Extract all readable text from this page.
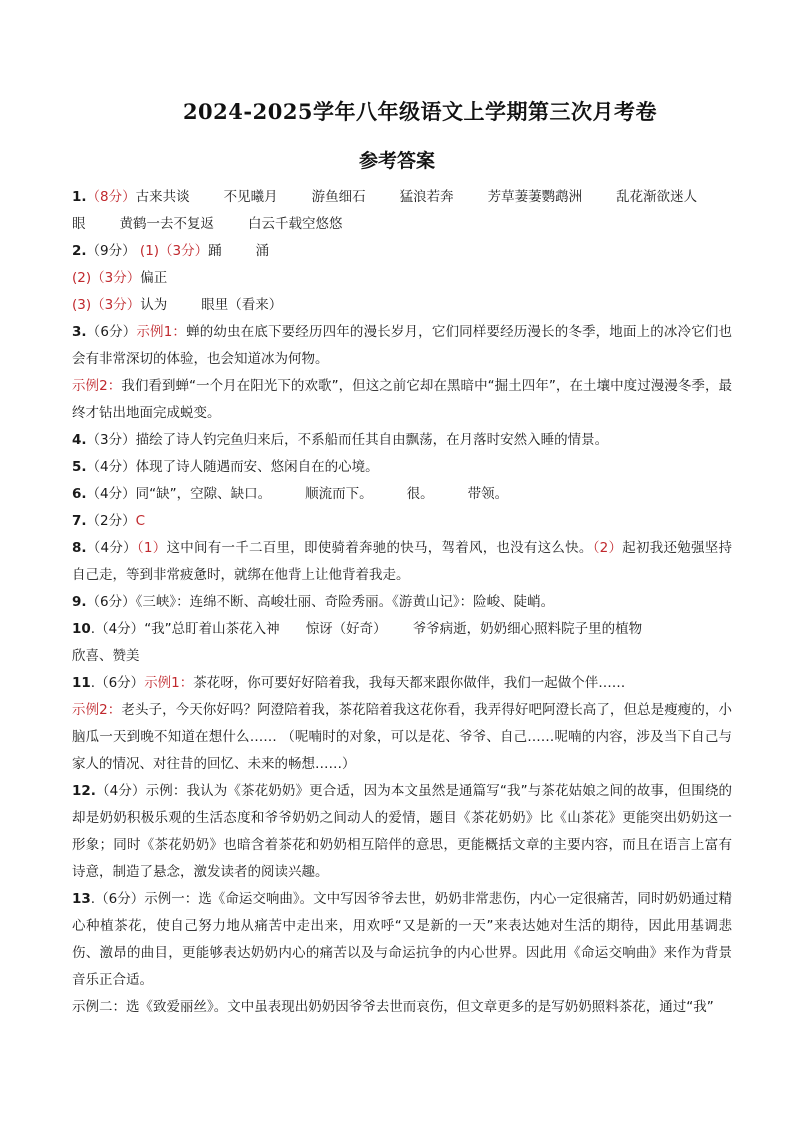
2024-2025学年八年级语文上学期第三次月考卷
参考答案
1.（8分）古来共谈	不见曦月	游鱼细石	猛浪若奔	芳草萋萋鹦鹉洲	乱花渐欲迷人
眼	黄鹤一去不复返	白云千载空悠悠
2.（9分） (1)（3分）踊	涌
(2)（3分）偏正
(3)（3分）认为	眼里（看来）
3.（6分）示例1：蝉的幼虫在底下要经历四年的漫长岁月，它们同样要经历漫长的冬季，地面上的冰冷它们也会有非常深切的体验，也会知道冰为何物。
示例2：我们看到蝉“一个月在阳光下的欢歌”，但这之前它却在黑暗中“掘土四年”，在土壤中度过漫漫冬季，最终才钻出地面完成蜕变。
4.（3分）描绘了诗人钓完鱼归来后，不系船而任其自由飘荡，在月落时安然入睡的情景。
5.（4分）体现了诗人随遇而安、悠闲自在的心境。
6.（4分）同“缺”，空隙、缺口。	顺流而下。	很。	带领。
7.（2分）C
8.（4分）（1）这中间有一千二百里，即使骑着奔驰的快马，驾着风，也没有这么快。（2）起初我还勉强坚持自己走，等到非常疲惫时，就绑在他背上让他背着我走。
9.（6分）《三峡》：连绵不断、高峻壮丽、奇险秀丽。《游黄山记》：险峻、陡峭。
10.（4分）“我”总盯着山茶花入神 惊讶（好奇） 爷爷病逝，奶奶细心照料院子里的植物
欣喜、赞美
11.（6分）示例1：茶花呀，你可要好好陪着我，我每天都来跟你做伴，我们一起做个伴……
示例2：老头子，今天你好吗？阿澄陪着我，茶花陪着我这花你看，我弄得好吧阿澄长高了，但总是瘦瘦的，小脑瓜一天到晚不知道在想什么…… （呢喃时的对象，可以是花、爷爷、自己……呢喃的内容，涉及当下自己与家人的情况、对往昔的回忆、未来的畅想……）
12.（4分）示例：我认为《茶花奶奶》更合适，因为本文虽然是通篇写“我”与茶花姑娘之间的故事，但围绕的却是奶奶积极乐观的生活态度和爷爷奶奶之间动人的爱情，题目《茶花奶奶》比《山茶花》更能突出奶奶这一形象；同时《茶花奶奶》也暗含着茶花和奶奶相互陪伴的意思，更能概括文章的主要内容，而且在语言上富有诗意，制造了悬念，激发读者的阅读兴趣。
13.（6分）示例一：选《命运交响曲》。文中写因爷爷去世，奶奶非常悲伤，内心一定很痛苦，同时奶奶通过精心种植茶花，使自己努力地从痛苦中走出来，用欢呼“又是新的一天”来表达她对生活的期待，因此用基调悲伤、激昂的曲目，更能够表达奶奶内心的痛苦以及与命运抗争的内心世界。因此用《命运交响曲》来作为背景音乐正合适。
示例二：选《致爱丽丝》。文中虽表现出奶奶因爷爷去世而哀伤，但文章更多的是写奶奶照料茶花，通过“我”
